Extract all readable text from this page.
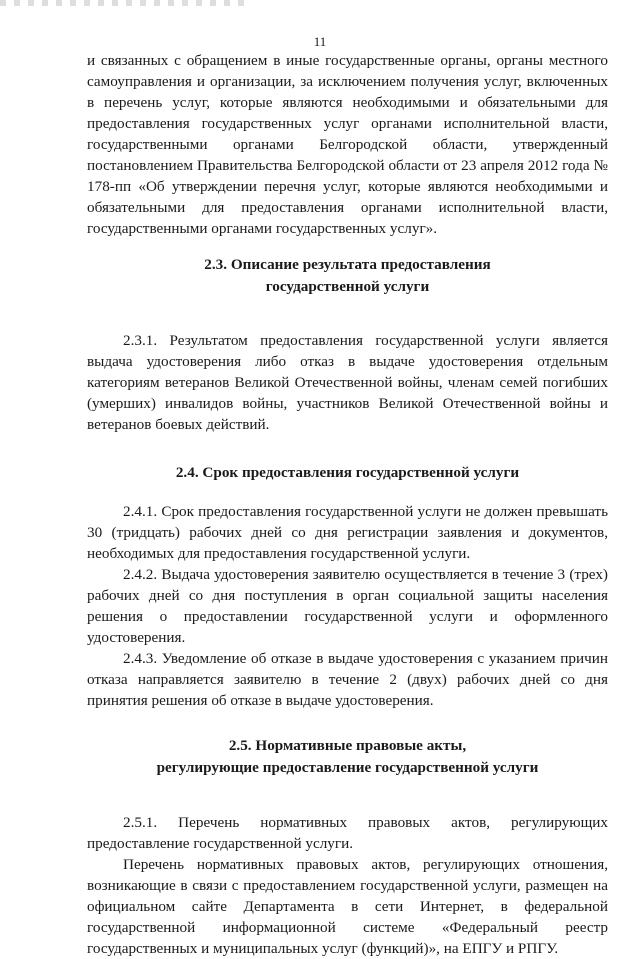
11

и связанных с обращением в иные государственные органы, органы местного самоуправления и организации, за исключением получения услуг, включенных в перечень услуг, которые являются необходимыми и обязательными для предоставления государственных услуг органами исполнительной власти, государственными органами Белгородской области, утвержденный постановлением Правительства Белгородской области от 23 апреля 2012 года № 178-пп «Об утверждении перечня услуг, которые являются необходимыми и обязательными для предоставления органами исполнительной власти, государственными органами государственных услуг».

2.3. Описание результата предоставления
государственной услуги

2.3.1. Результатом предоставления государственной услуги является выдача удостоверения либо отказ в выдаче удостоверения отдельным категориям ветеранов Великой Отечественной войны, членам семей погибших (умерших) инвалидов войны, участников Великой Отечественной войны и ветеранов боевых действий.

2.4. Срок предоставления государственной услуги

2.4.1. Срок предоставления государственной услуги не должен превышать 30 (тридцать) рабочих дней со дня регистрации заявления и документов, необходимых для предоставления государственной услуги.

2.4.2. Выдача удостоверения заявителю осуществляется в течение 3 (трех) рабочих дней со дня поступления в орган социальной защиты населения решения о предоставлении государственной услуги и оформленного удостоверения.

2.4.3. Уведомление об отказе в выдаче удостоверения с указанием причин отказа направляется заявителю в течение 2 (двух) рабочих дней со дня принятия решения об отказе в выдаче удостоверения.

2.5. Нормативные правовые акты,
регулирующие предоставление государственной услуги

2.5.1. Перечень нормативных правовых актов, регулирующих предоставление государственной услуги.

Перечень нормативных правовых актов, регулирующих отношения, возникающие в связи с предоставлением государственной услуги, размещен на официальном сайте Департамента в сети Интернет, в федеральной государственной информационной системе «Федеральный реестр государственных и муниципальных услуг (функций)», на ЕПГУ и РПГУ.
